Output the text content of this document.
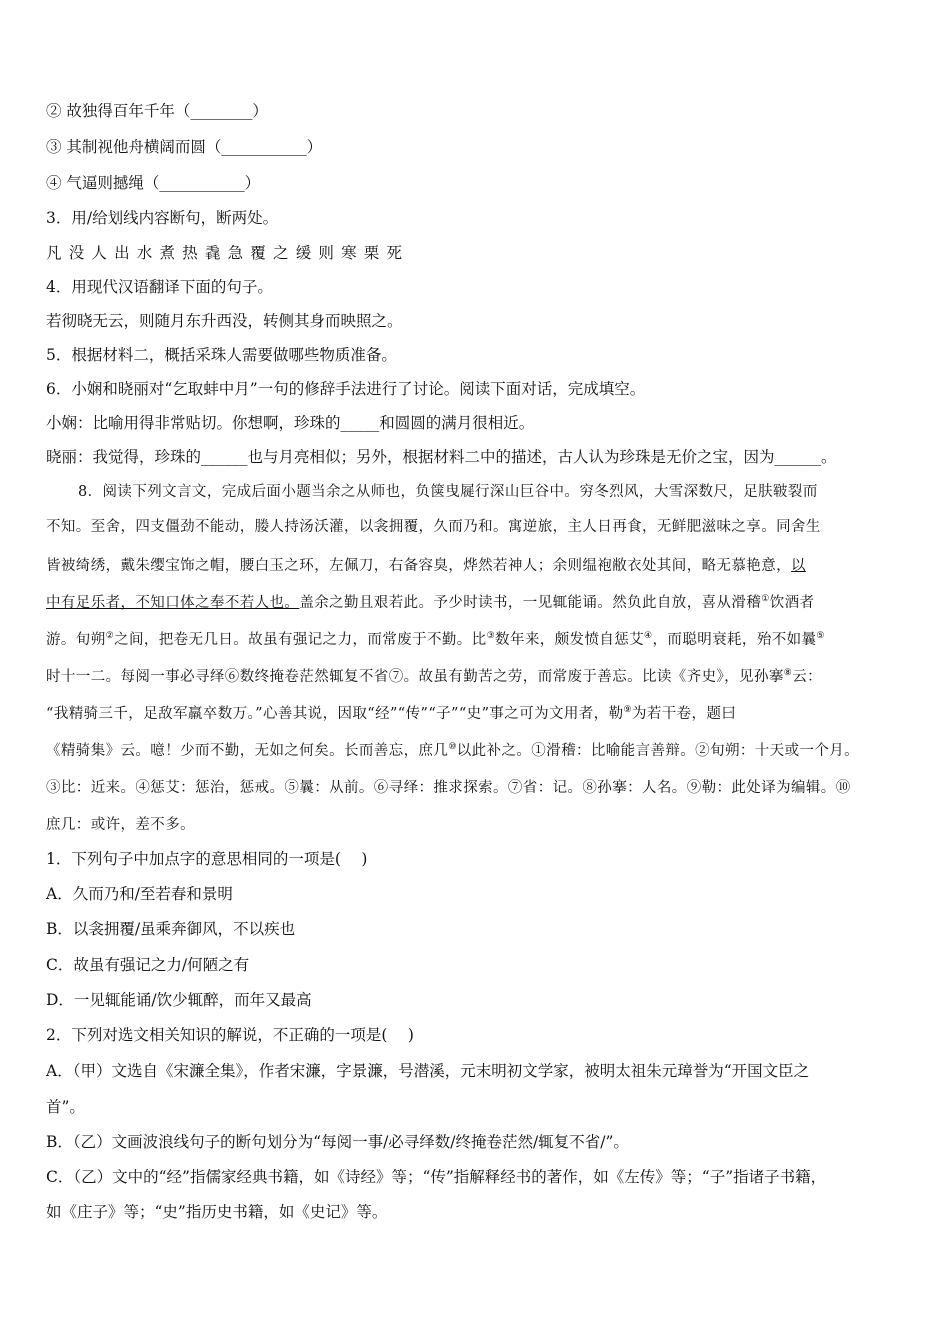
② 故独得百年千年（________）
③ 其制视他舟横阔而圆（___________）
④ 气逼则撼绳（___________）
3．用/给划线内容断句，断两处。
凡没人出水煮热毳急覆之缓则寒栗死
4．用现代汉语翻译下面的句子。
若彻晓无云，则随月东升西没，转侧其身而映照之。
5．根据材料二，概括采珠人需要做哪些物质准备。
6．小娴和晓丽对“乞取蚌中月”一句的修辞手法进行了讨论。阅读下面对话，完成填空。
小娴：比喻用得非常贴切。你想啊，珍珠的_____和圆圆的满月很相近。
晓丽：我觉得，珍珠的______也与月亮相似；另外，根据材料二中的描述，古人认为珍珠是无价之宝，因为______。
8．阅读下列文言文，完成后面小题当余之从师也，负箧曳屣行深山巨谷中。穷冬烈风，大雪深数尺，足肤皲裂而
不知。至舍，四支僵劲不能动，媵人持汤沃灌，以衾拥覆，久而乃和。寓逆旅，主人日再食，无鲜肥滋味之享。同舍生
皆被绮绣，戴朱缨宝饰之帽，腰白玉之环，左佩刀，右备容臭，烨然若神人；余则缊袍敝衣处其间，略无慕艳意，以
中有足乐者，不知口体之奉不若人也。盖余之勤且艰若此。予少时读书，一见辄能诵。然负此自放，喜从滑稽①饮酒者
游。旬朔②之间，把卷无几日。故虽有强记之力，而常废于不勤。比③数年来，颇发愤自惩艾④，而聪明衰耗，殆不如曩⑤
时十一二。每阅一事必寻绎⑥数终掩卷茫然辄复不省⑦。故虽有勤苦之劳，而常废于善忘。比读《齐史》，见孙搴⑧云：
“我精骑三千，足敌军羸卒数万。”心善其说，因取“经”“传”“子”“史”事之可为文用者，勒⑨为若干卷，题曰
《精骑集》云。噫！少而不勤，无如之何矣。长而善忘，庶几⑩以此补之。①滑稽：比喻能言善辩。②旬朔：十天或一个月。
③比：近来。④惩艾：惩治，惩戒。⑤曩：从前。⑥寻绎：推求探索。⑦省：记。⑧孙搴：人名。⑨勒：此处译为编辑。⑩
庶几：或许，差不多。
1．下列句子中加点字的意思相同的一项是(　 )
A．久而乃和/至若春和景明
B．以衾拥覆/虽乘奔御风，不以疾也
C．故虽有强记之力/何陋之有
D．一见辄能诵/饮少辄醉，而年又最高
2．下列对选文相关知识的解说，不正确的一项是(　 )
A．（甲）文选自《宋濂全集》，作者宋濂，字景濂，号潜溪，元末明初文学家，被明太祖朱元璋誉为“开国文臣之
首”。
B．（乙）文画波浪线句子的断句划分为“每阅一事/必寻绎数/终掩卷茫然/辄复不省/”。
C．（乙）文中的“经”指儒家经典书籍，如《诗经》等；“传”指解释经书的著作，如《左传》等；“子”指诸子书籍，
如《庄子》等；“史”指历史书籍，如《史记》等。
